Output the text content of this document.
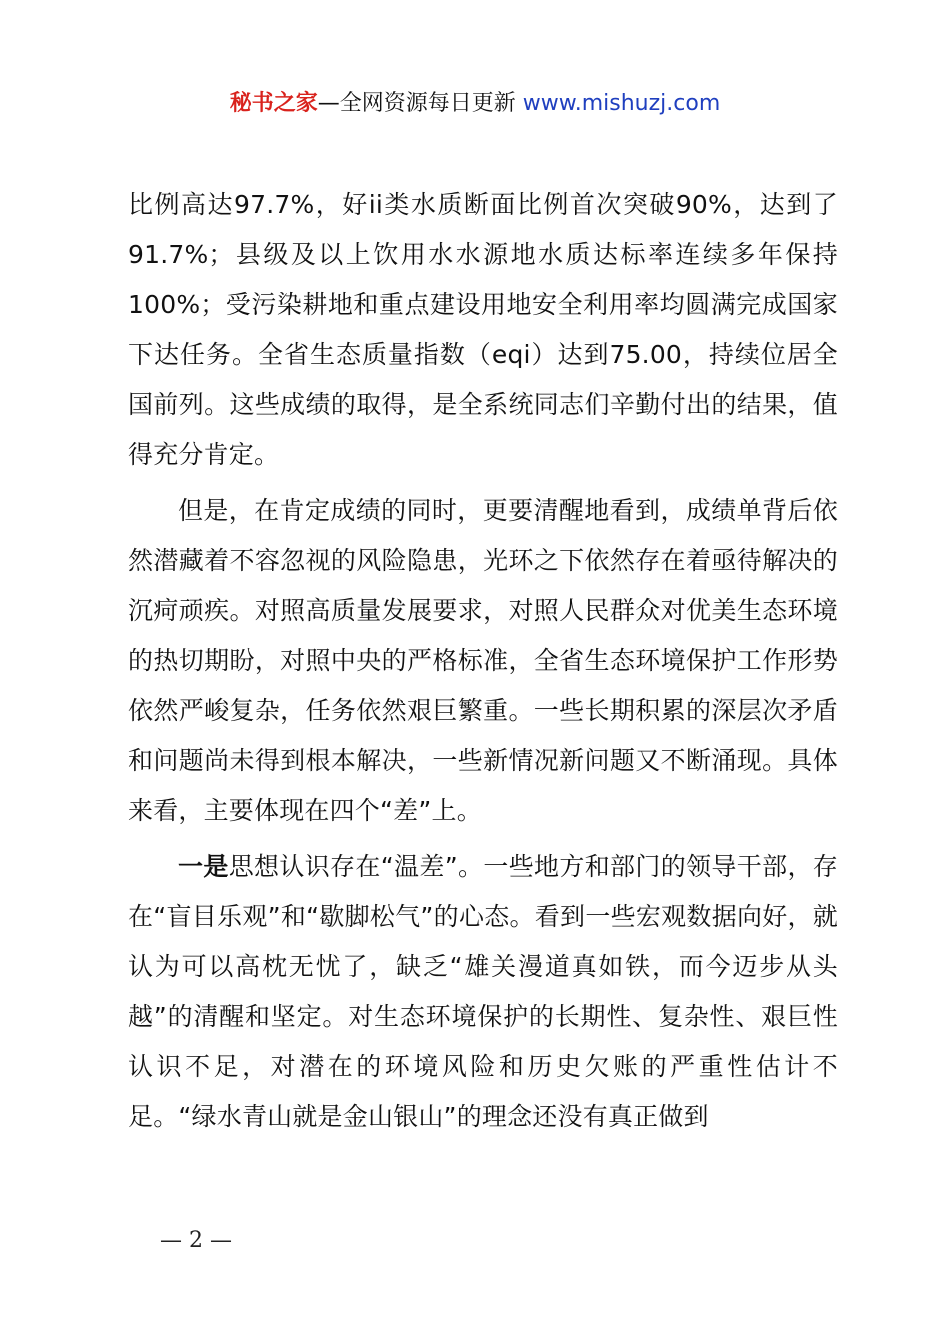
秘书之家—全网资源每日更新 www.mishuzj.com

比例高达97.7%，好ii类水质断面比例首次突破90%，达到了91.7%；县级及以上饮用水水源地水质达标率连续多年保持100%；受污染耕地和重点建设用地安全利用率均圆满完成国家下达任务。全省生态质量指数（eqi）达到75.00，持续位居全国前列。这些成绩的取得，是全系统同志们辛勤付出的结果，值得充分肯定。

但是，在肯定成绩的同时，更要清醒地看到，成绩单背后依然潜藏着不容忽视的风险隐患，光环之下依然存在着亟待解决的沉疴顽疾。对照高质量发展要求，对照人民群众对优美生态环境的热切期盼，对照中央的严格标准，全省生态环境保护工作形势依然严峻复杂，任务依然艰巨繁重。一些长期积累的深层次矛盾和问题尚未得到根本解决，一些新情况新问题又不断涌现。具体来看，主要体现在四个“差”上。

一是思想认识存在“温差”。一些地方和部门的领导干部，存在“盲目乐观”和“歇脚松气”的心态。看到一些宏观数据向好，就认为可以高枕无忧了，缺乏“雄关漫道真如铁，而今迈步从头越”的清醒和坚定。对生态环境保护的长期性、复杂性、艰巨性认识不足，对潜在的环境风险和历史欠账的严重性估计不足。“绿水青山就是金山银山”的理念还没有真正做到

— 2 —
